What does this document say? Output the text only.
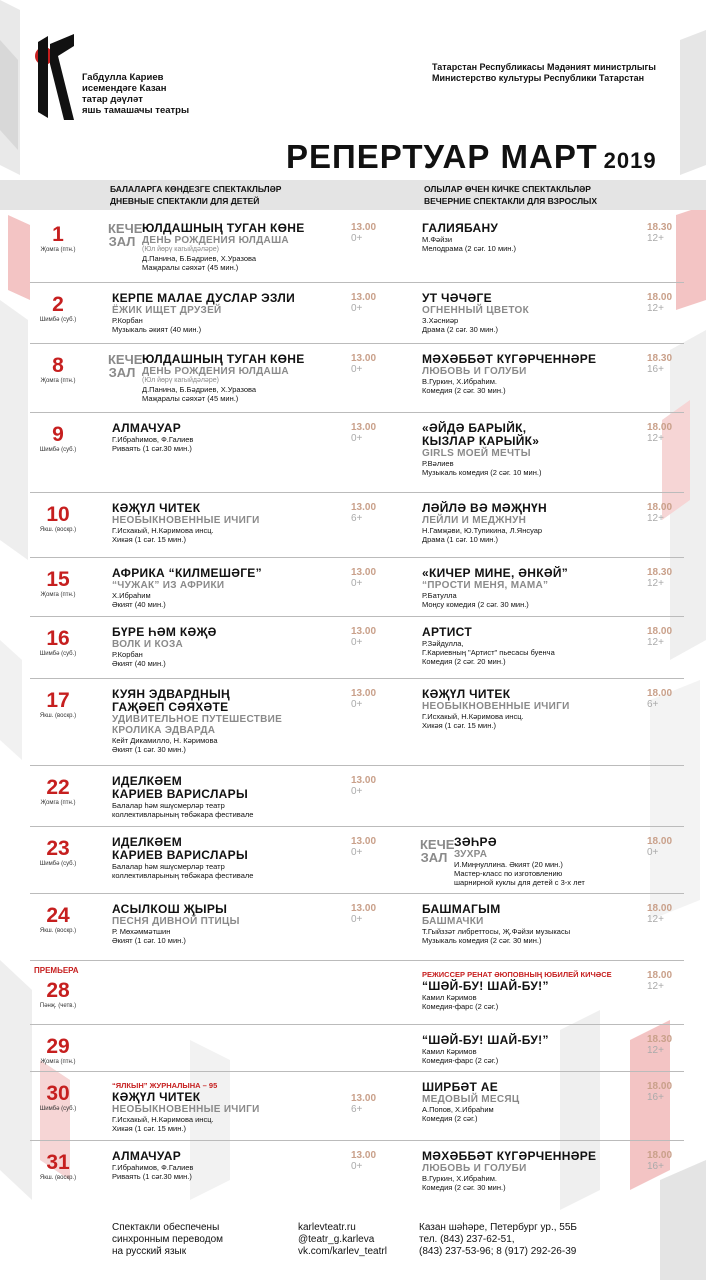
Габдулла Кариев
исемендәге Казан
татар дәүләт
яшь тамашачы театры
Татарстан Республикасы Мәдәният министрлыгы
Министерство культуры Республики Татарстан
РЕПЕРТУАР МАРТ 2019
БАЛАЛАРГА КӨНДЕЗГЕ СПЕКТАКЛЬЛӘР
ДНЕВНЫЕ СПЕКТАКЛИ ДЛЯ ДЕТЕЙ
ОЛЫЛАР ӨЧЕН КИЧКЕ СПЕКТАКЛЬЛӘР
ВЕЧЕРНИЕ СПЕКТАКЛИ ДЛЯ ВЗРОСЛЫХ
1
Җомга (птн.)
КЕЧЕ
ЗАЛ
ЮЛДАШНЫҢ ТУГАН КӨНЕ
ДЕНЬ РОЖДЕНИЯ ЮЛДАША
(Юл йөрү кагыйдәләре)
Д.Панина, Б.Бәдриев, Х.Уразова
Маҗаралы сәяхәт (45 мин.)
13.00
0+
ГАЛИЯБАНУ
М.Фәйзи
Мелодрама (2 сәг. 10 мин.)
18.30
12+
2
Шимбә (суб.)
КЕРПЕ МАЛАЕ ДУСЛАР ЭЗЛИ
ЁЖИК ИЩЕТ ДРУЗЕЙ
Р.Корбан
Музыкаль әкият (40 мин.)
13.00
0+
УТ ЧӘЧӘГЕ
ОГНЕННЫЙ ЦВЕТОК
З.Хәсниәр
Драма (2 сәг. 30 мин.)
18.00
12+
8
Җомга (птн.)
КЕЧЕ
ЗАЛ
ЮЛДАШНЫҢ ТУГАН КӨНЕ
ДЕНЬ РОЖДЕНИЯ ЮЛДАША
(Юл йөрү кагыйдәләре)
Д.Панина, Б.Бәдриев, Х.Уразова
Маҗаралы сәяхәт (45 мин.)
13.00
0+
МӘХӘББӘТ КҮГӘРЧЕННӘРЕ
ЛЮБОВЬ И ГОЛУБИ
В.Гуркин, Х.Ибраһим.
Комедия (2 сәг. 30 мин.)
18.30
16+
9
Шимбә (суб.)
АЛМАЧУАР
Г.Ибраһимов, Ф.Галиев
Риваять (1 сәг.30 мин.)
13.00
0+
«ӘЙДӘ БАРЫЙК,
КЫЗЛАР КАРЫЙК»
GIRLS МОЕЙ МЕЧТЫ
Р.Вәлиев
Музыкаль комедия (2 сәг. 10 мин.)
18.00
12+
10
Якш. (воскр.)
КӘҖҮЛ ЧИТЕК
НЕОБЫКНОВЕННЫЕ ИЧИГИ
Г.Исхакый, Н.Кәримова инсц.
Хикәя (1 сәг. 15 мин.)
13.00
6+
ЛӘЙЛӘ ВӘ МӘҖНҮН
ЛЕЙЛИ И МЕДЖНУН
Н.Гамҗәви, Ю.Тупикина, Л.Янсуар
Драма (1 сәг. 10 мин.)
18.00
12+
15
Җомга (птн.)
АФРИКА “КИЛМЕШӘГЕ”
“ЧУЖАК” ИЗ АФРИКИ
Х.Ибраһим
Әкият (40 мин.)
13.00
0+
«КИЧЕР МИНЕ, ӘНКӘЙ”
“ПРОСТИ МЕНЯ, МАМА”
Р.Батулла
Моңсу комедия (2 сәг. 30 мин.)
18.30
12+
16
Шимбә (суб.)
БҮРЕ ҺӘМ КӘҖӘ
ВОЛК И КОЗА
Р.Корбан
Әкият (40 мин.)
13.00
0+
АРТИСТ
Р.Зәйдулла,
Г.Кариевның "Артист" пьесасы буенча
Комедия (2 сәг. 20 мин.)
18.00
12+
17
Якш. (воскр.)
КУЯН ЭДВАРДНЫҢ
ГАҖӘЕП СӘЯХӘТЕ
УДИВИТЕЛЬНОЕ ПУТЕШЕСТВИЕ
КРОЛИКА ЭДВАРДА
Кейт Дикамилло, Н. Кәримова
Әкият (1 сәг. 30 мин.)
13.00
0+
КӘҖҮЛ ЧИТЕК
НЕОБЫКНОВЕННЫЕ ИЧИГИ
Г.Исхакый, Н.Кәримова инсц.
Хикәя (1 сәг. 15 мин.)
18.00
6+
22
Җомга (птн.)
ИДЕЛКӘЕМ
КАРИЕВ ВАРИСЛАРЫ
Балалар һәм яшүсмерләр театр
коллективларының төбәкара фестивале
13.00
0+
23
Шимбә (суб.)
ИДЕЛКӘЕМ
КАРИЕВ ВАРИСЛАРЫ
Балалар һәм яшүсмерләр театр
коллективларының төбәкара фестивале
13.00
0+
КЕЧЕ
ЗАЛ
ЗӘҺРӘ
ЗУХРА
И.Миңнуллина. Әкият (20 мин.)
Мастер-класс по изготовлению
шарнирной куклы для детей с 3-х лет
18.00
0+
24
Якш. (воскр.)
АСЫЛКОШ ҖЫРЫ
ПЕСНЯ ДИВНОЙ ПТИЦЫ
Р. Мөхәммәтшин
Әкият (1 сәг. 10 мин.)
13.00
0+
БАШМАГЫМ
БАШМАЧКИ
Т.Гыйззәт либреттосы, Җ.Фәйзи музыкасы
Музыкаль комедия (2 сәг. 30 мин.)
18.00
12+
ПРЕМЬЕРА
28
Пәнҗ. (четв.)
РЕЖИССЕР РЕНАТ ӘЮПОВНЫҢ ЮБИЛЕЙ КИЧӘСЕ
“ШӘЙ-БУ! ШАЙ-БУ!”
Камил Кәримов
Комедия-фарс (2 сәг.)
18.00
12+
29
Җомга (птн.)
“ШӘЙ-БУ! ШАЙ-БУ!”
Камил Кәримов
Комедия-фарс (2 сәг.)
18.30
12+
30
Шимбә (суб.)
“ЯЛКЫН” ЖУРНАЛЫНА – 95
КӘҖҮЛ ЧИТЕК
НЕОБЫКНОВЕННЫЕ ИЧИГИ
Г.Исхакый, Н.Кәримова инсц.
Хикәя (1 сәг. 15 мин.)
13.00
6+
ШИРБӘТ АЕ
МЕДОВЫЙ МЕСЯЦ
А.Попов, Х.Ибраһим
Комедия (2 сәг.)
18.00
16+
31
Якш. (воскр.)
АЛМАЧУАР
Г.Ибраһимов, Ф.Галиев
Риваять (1 сәг.30 мин.)
13.00
0+
МӘХӘББӘТ КҮГӘРЧЕННӘРЕ
ЛЮБОВЬ И ГОЛУБИ
В.Гуркин, Х.Ибраһим.
Комедия (2 сәг. 30 мин.)
18.00
16+
Спектакли обеспечены
синхронным переводом
на русский язык
karlevteatr.ru
@teatr_g.karleva
vk.com/karlev_teatrl
Казан шәһәре, Петербург ур., 55Б
тел. (843) 237-62-51,
(843) 237-53-96; 8 (917) 292-26-39
